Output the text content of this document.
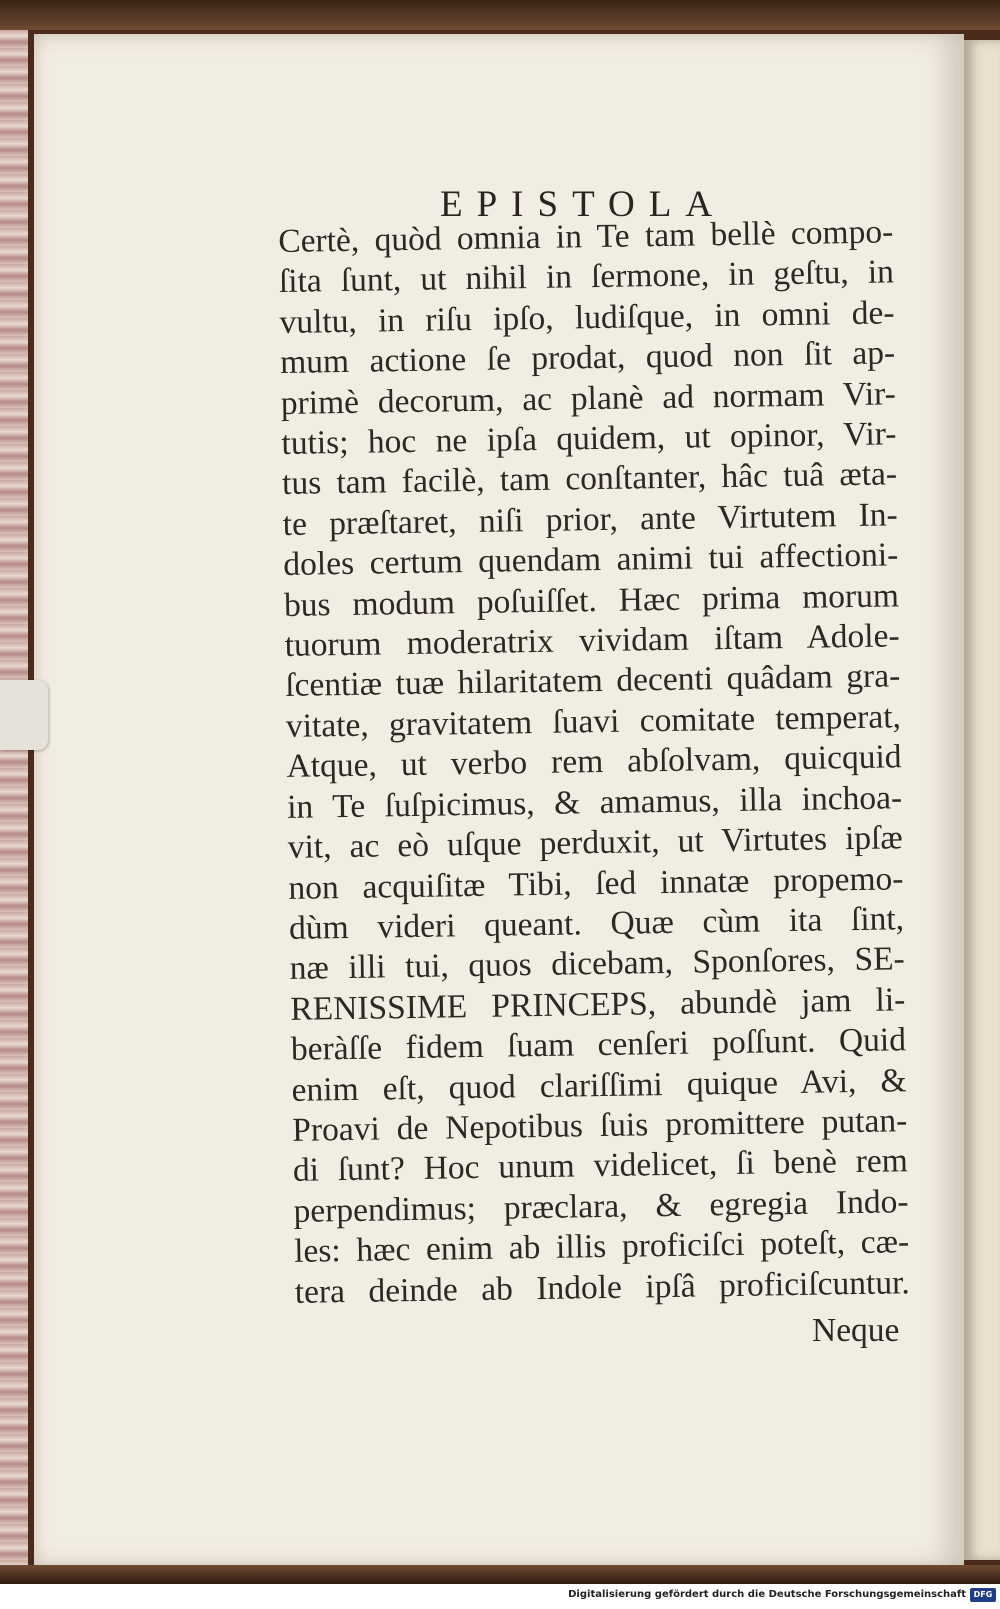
EPISTOLA
Certè, quòd omnia in Te tam bellè compo-
ſita ſunt, ut nihil in ſermone, in geſtu, in
vultu, in riſu ipſo, ludiſque, in omni de-
mum actione ſe prodat, quod non ſit ap-
primè decorum, ac planè ad normam Vir-
tutis; hoc ne ipſa quidem, ut opinor, Vir-
tus tam facilè, tam conſtanter, hâc tuâ æta-
te præſtaret, niſi prior, ante Virtutem In-
doles certum quendam animi tui affectioni-
bus modum poſuiſſet. Hæc prima morum
tuorum moderatrix vividam iſtam Adole-
ſcentiæ tuæ hilaritatem decenti quâdam gra-
vitate, gravitatem ſuavi comitate temperat,
Atque, ut verbo rem abſolvam, quicquid
in Te ſuſpicimus, & amamus, illa inchoa-
vit, ac eò uſque perduxit, ut Virtutes ipſæ
non acquiſitæ Tibi, ſed innatæ propemo-
dùm videri queant. Quæ cùm ita ſint,
næ illi tui, quos dicebam, Sponſores, SE-
RENISSIME PRINCEPS, abundè jam li-
beràſſe fidem ſuam cenſeri poſſunt. Quid
enim eſt, quod clariſſimi quique Avi, &
Proavi de Nepotibus ſuis promittere putan-
di ſunt? Hoc unum videlicet, ſi benè rem
perpendimus; præclara, & egregia Indo-
les: hæc enim ab illis proficiſci poteſt, cæ-
tera deinde ab Indole ipſâ proficiſcuntur.
Neque
Digitalisierung gefördert durch die Deutsche Forschungsgemeinschaft DFG
